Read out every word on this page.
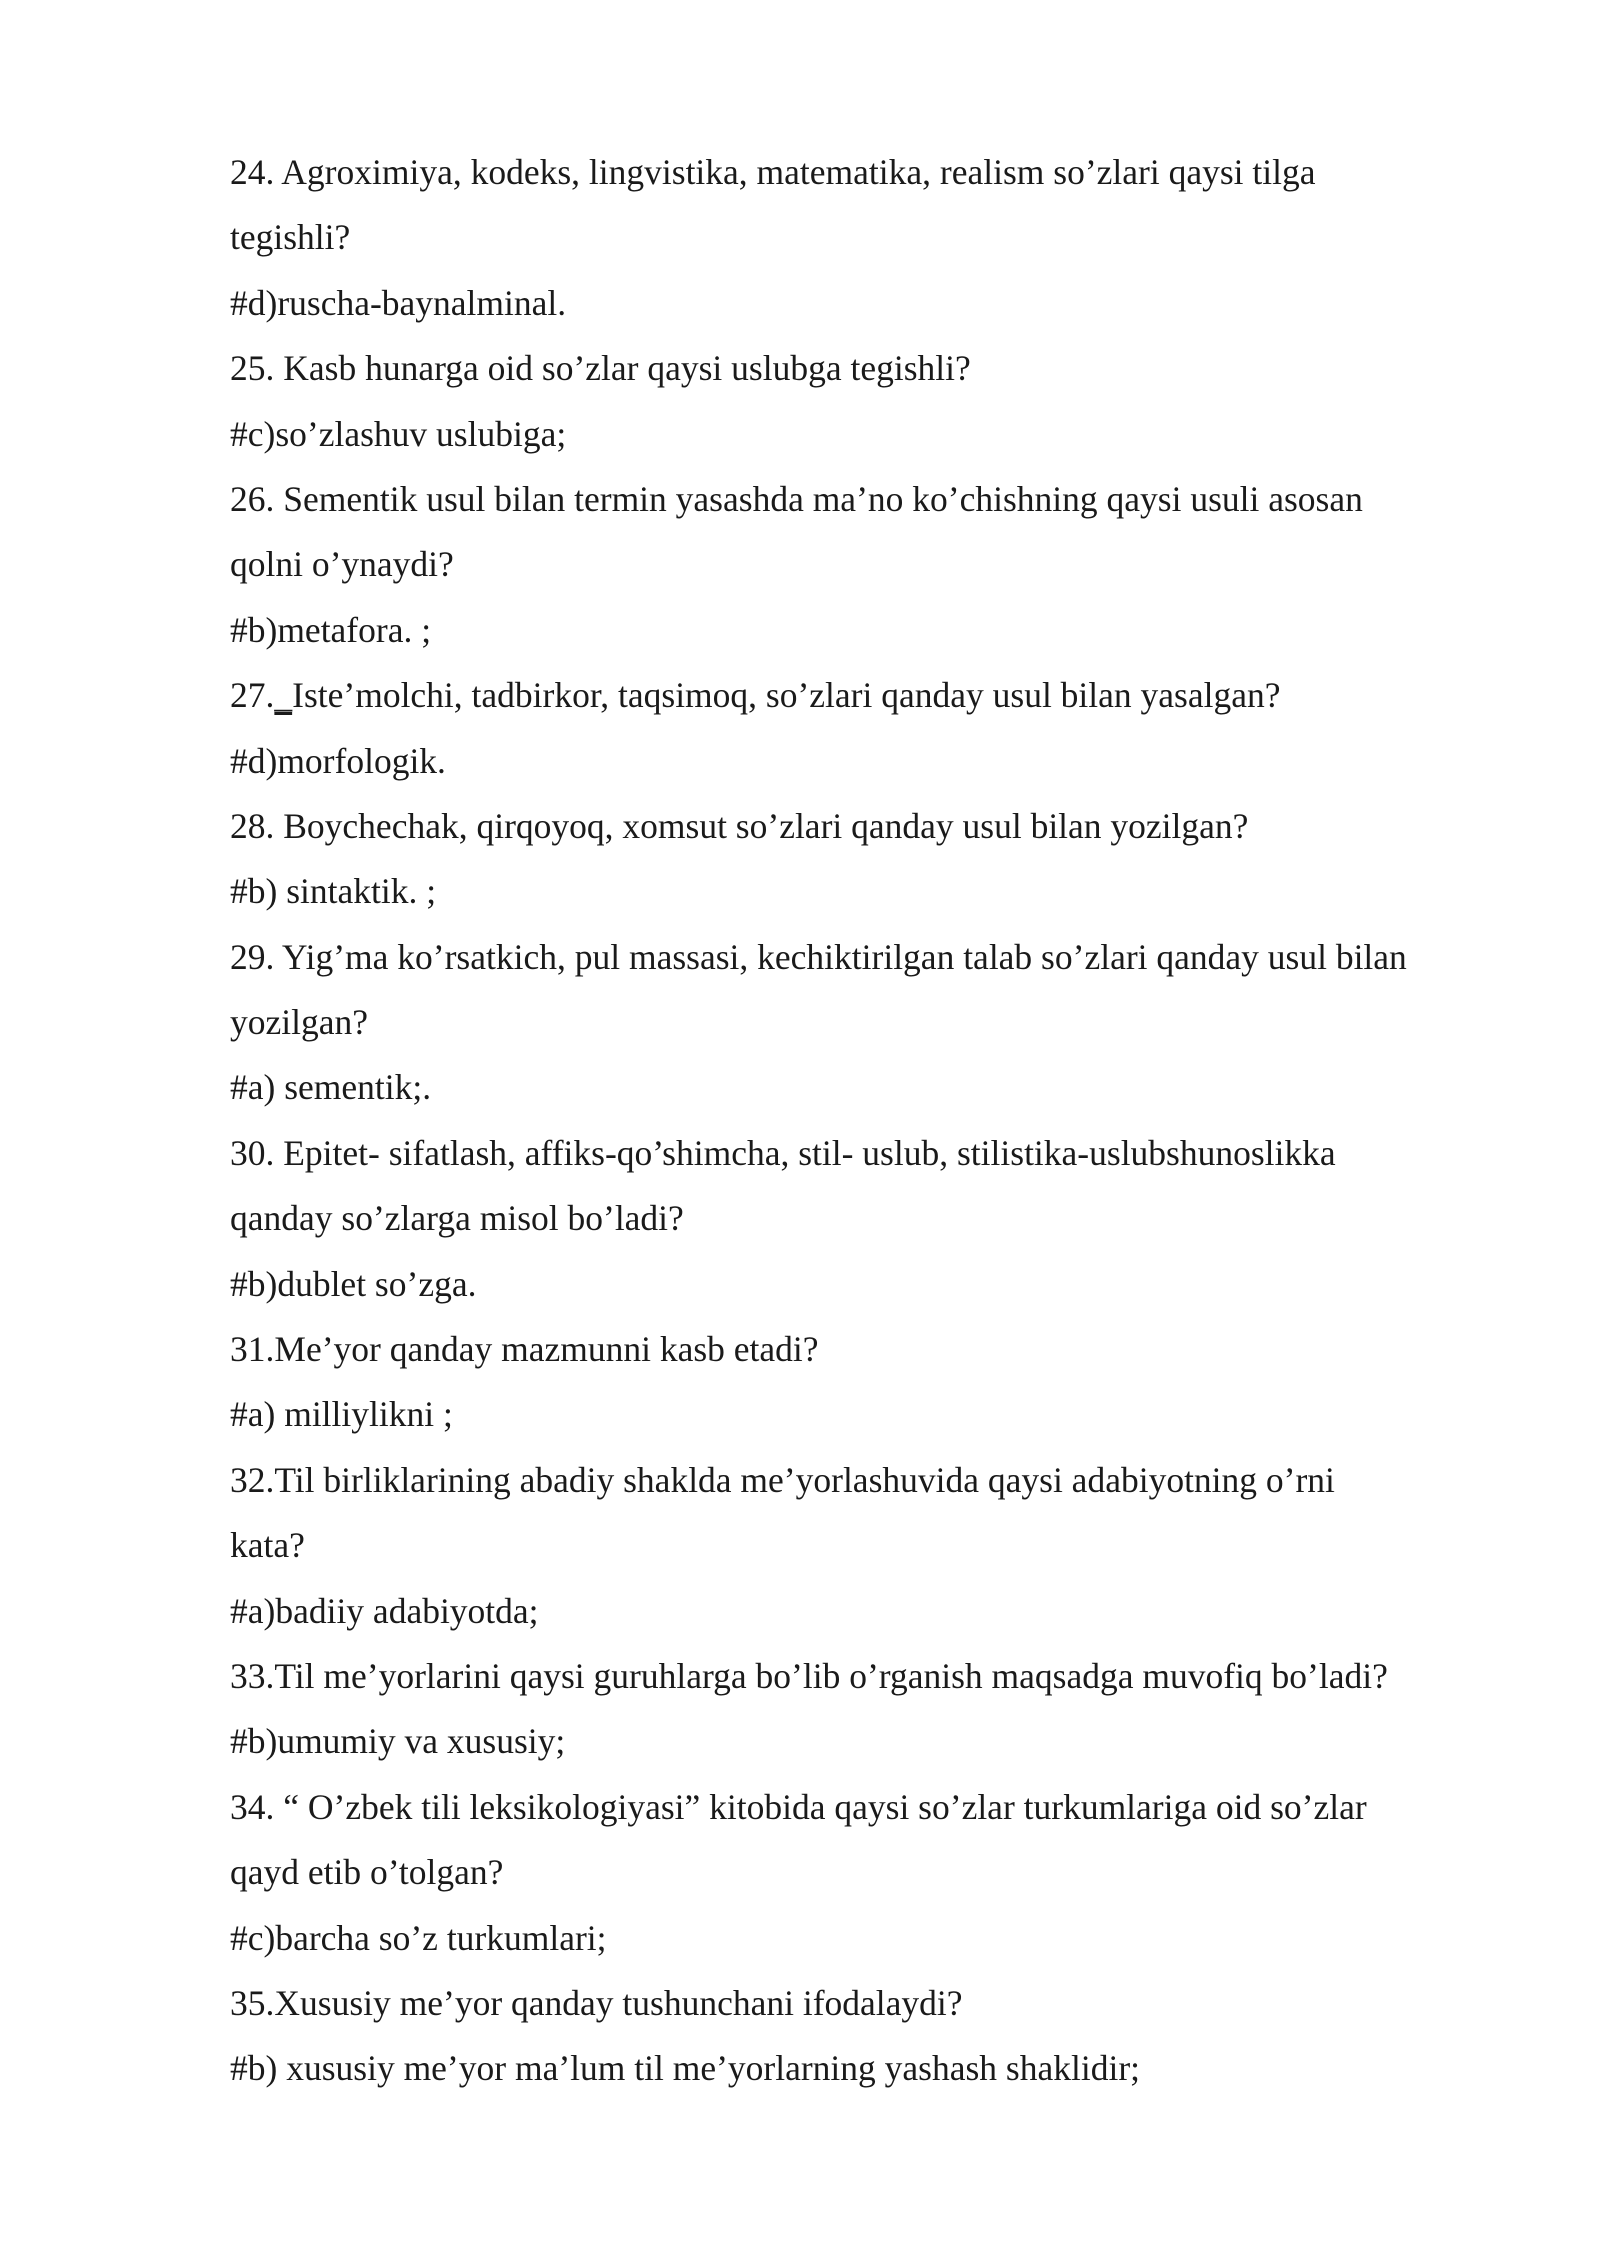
24. Agroximiya, kodeks, lingvistika, matematika, realism so’zlari qaysi tilga
tegishli?
#d)ruscha-baynalminal.
25. Kasb hunarga oid so’zlar qaysi uslubga tegishli?
#c)so’zlashuv uslubiga;
26. Sementik usul bilan termin yasashda ma’no ko’chishning qaysi usuli asosan
qolni o’ynaydi?
#b)metafora. ;
27._Iste’molchi, tadbirkor, taqsimoq, so’zlari qanday usul bilan yasalgan?
#d)morfologik.
28. Boychechak, qirqoyoq, xomsut so’zlari qanday usul bilan yozilgan?
#b) sintaktik. ;
29. Yig’ma ko’rsatkich, pul massasi, kechiktirilgan talab so’zlari qanday usul bilan
yozilgan?
#a) sementik;.
30. Epitet- sifatlash, affiks-qo’shimcha, stil- uslub, stilistika-uslubshunoslikka
qanday so’zlarga misol bo’ladi?
#b)dublet so’zga.
31.Me’yor qanday mazmunni kasb etadi?
#a) milliylikni ;
32.Til birliklarining abadiy shakldа me’yorlashuvida qaysi adabiyotning o’rni
kata?
#a)badiiy adabiyotda;
33.Til me’yorlarini qaysi guruhlarga bo’lib o’rganish maqsadga muvofiq bo’ladi?
#b)umumiy va xususiy;
34. “ O’zbek tili leksikologiyasi” kitobida qaysi so’zlar turkumlariga oid so’zlar
qayd etib o’tolgan?
#c)barcha so’z turkumlari;
35.Xususiy me’yor qanday tushunchani ifodalaydi?
#b) xususiy me’yor ma’lum til me’yorlarning yashash shaklidir;
